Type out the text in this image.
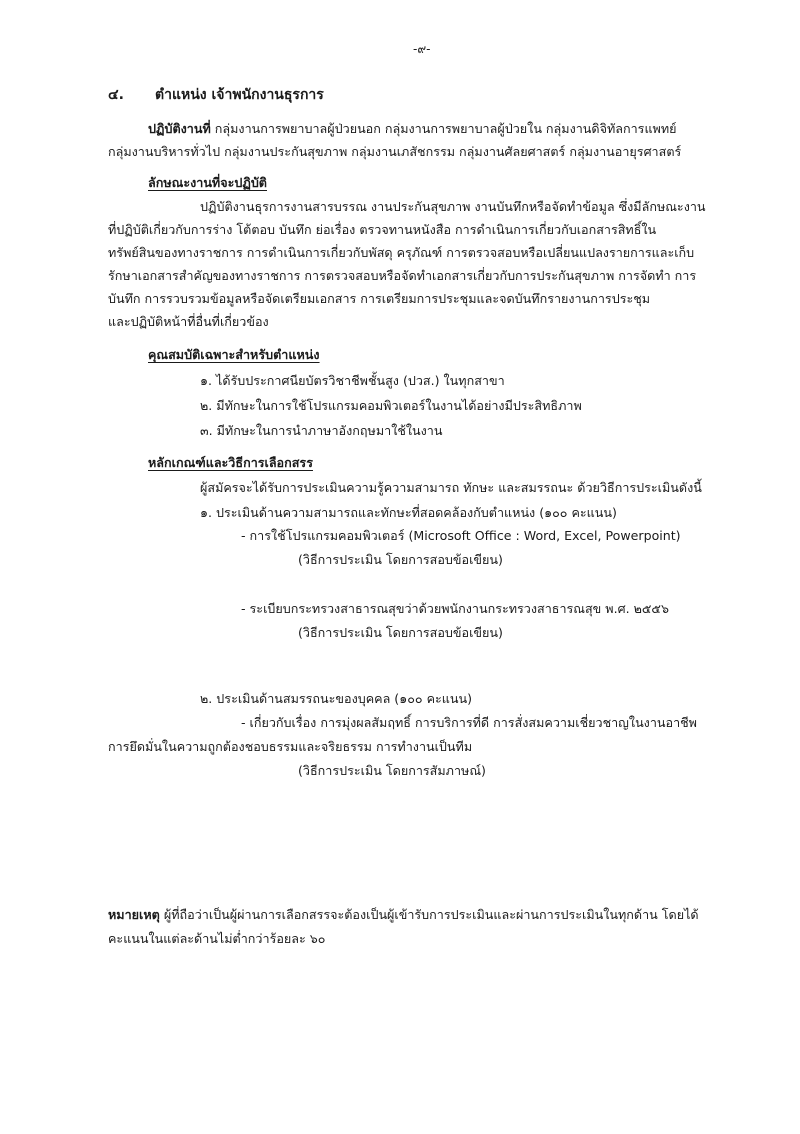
-๙-
๔. ตำแหน่ง เจ้าพนักงานธุรการ
ปฏิบัติงานที่ กลุ่มงานการพยาบาลผู้ป่วยนอก กลุ่มงานการพยาบาลผู้ป่วยใน กลุ่มงานดิจิทัลการแพทย์
กลุ่มงานบริหารทั่วไป กลุ่มงานประกันสุขภาพ กลุ่มงานเภสัชกรรม กลุ่มงานศัลยศาสตร์ กลุ่มงานอายุรศาสตร์
ลักษณะงานที่จะปฏิบัติ
ปฏิบัติงานธุรการงานสารบรรณ งานประกันสุขภาพ งานบันทึกหรือจัดทำข้อมูล ซึ่งมีลักษณะงาน
ที่ปฏิบัติเกี่ยวกับการร่าง โต้ตอบ บันทึก ย่อเรื่อง ตรวจทานหนังสือ การดำเนินการเกี่ยวกับเอกสารสิทธิ์ใน
ทรัพย์สินของทางราชการ การดำเนินการเกี่ยวกับพัสดุ ครุภัณฑ์ การตรวจสอบหรือเปลี่ยนแปลงรายการและเก็บ
รักษาเอกสารสำคัญของทางราชการ การตรวจสอบหรือจัดทำเอกสารเกี่ยวกับการประกันสุขภาพ การจัดทำ การ
บันทึก การรวบรวมข้อมูลหรือจัดเตรียมเอกสาร การเตรียมการประชุมและจดบันทึกรายงานการประชุม
และปฏิบัติหน้าที่อื่นที่เกี่ยวข้อง
คุณสมบัติเฉพาะสำหรับตำแหน่ง
๑. ได้รับประกาศนียบัตรวิชาชีพชั้นสูง (ปวส.) ในทุกสาขา
๒. มีทักษะในการใช้โปรแกรมคอมพิวเตอร์ในงานได้อย่างมีประสิทธิภาพ
๓. มีทักษะในการนำภาษาอังกฤษมาใช้ในงาน
หลักเกณฑ์และวิธีการเลือกสรร
ผู้สมัครจะได้รับการประเมินความรู้ความสามารถ ทักษะ และสมรรถนะ ด้วยวิธีการประเมินดังนี้
๑. ประเมินด้านความสามารถและทักษะที่สอดคล้องกับตำแหน่ง (๑๐๐ คะแนน)
- การใช้โปรแกรมคอมพิวเตอร์ (Microsoft Office : Word, Excel, Powerpoint)
(วิธีการประเมิน โดยการสอบข้อเขียน)
- ระเบียบกระทรวงสาธารณสุขว่าด้วยพนักงานกระทรวงสาธารณสุข พ.ศ. ๒๕๕๖
(วิธีการประเมิน โดยการสอบข้อเขียน)
๒. ประเมินด้านสมรรถนะของบุคคล (๑๐๐ คะแนน)
- เกี่ยวกับเรื่อง การมุ่งผลสัมฤทธิ์ การบริการที่ดี การสั่งสมความเชี่ยวชาญในงานอาชีพ
การยึดมั่นในความถูกต้องชอบธรรมและจริยธรรม การทำงานเป็นทีม
(วิธีการประเมิน โดยการสัมภาษณ์)
หมายเหตุ ผู้ที่ถือว่าเป็นผู้ผ่านการเลือกสรรจะต้องเป็นผู้เข้ารับการประเมินและผ่านการประเมินในทุกด้าน โดยได้
คะแนนในแต่ละด้านไม่ต่ำกว่าร้อยละ ๖๐
